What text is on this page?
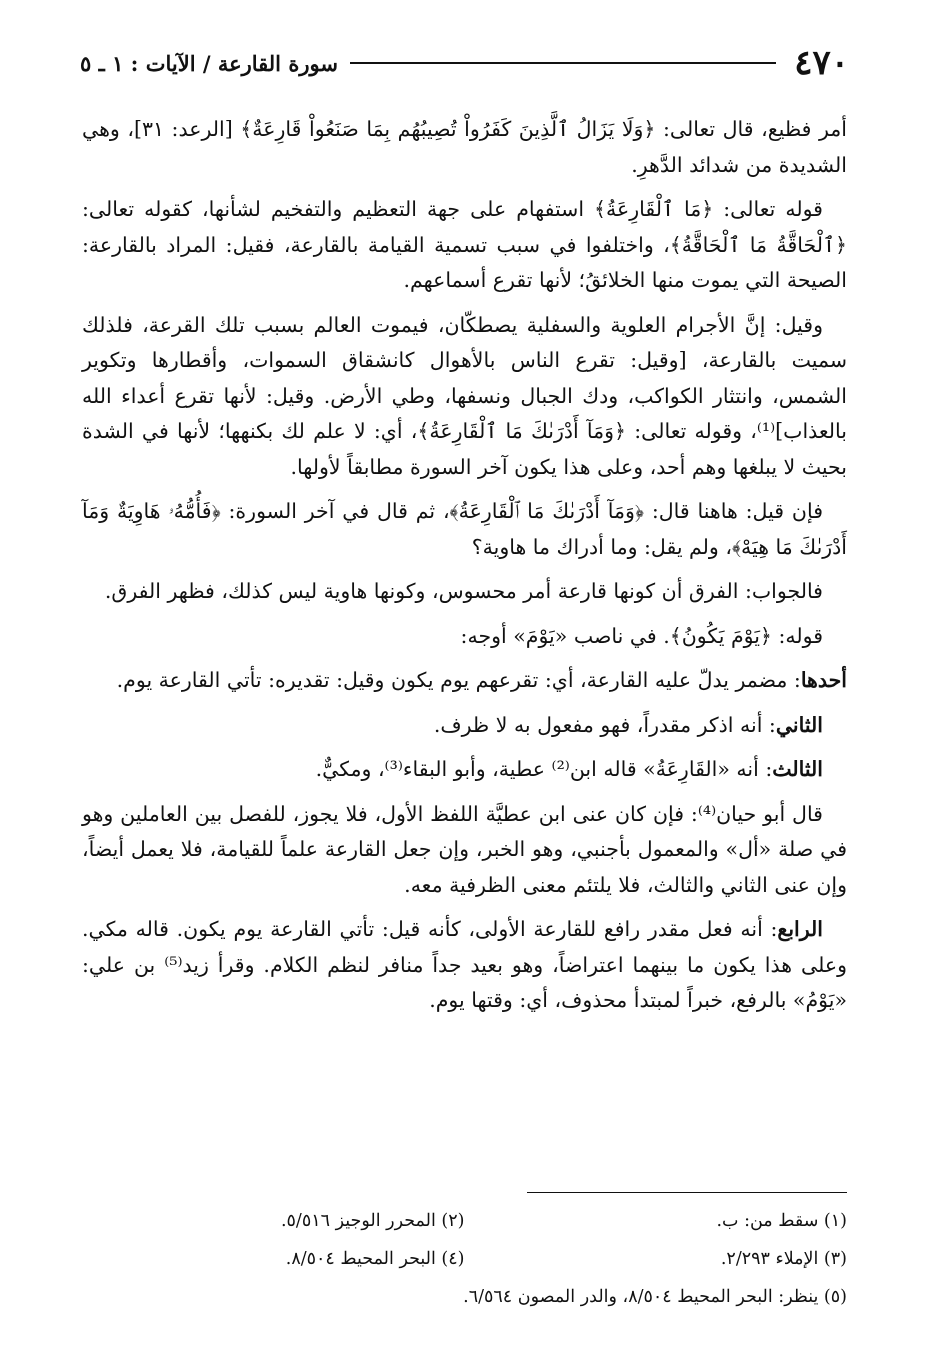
٤٧٠
سورة القارعة / الآيات : ١ ـ ٥

أمر فظيع، قال تعالى: ﴿وَلَا يَزَالُ ٱلَّذِينَ كَفَرُواْ تُصِيبُهُم بِمَا صَنَعُواْ قَارِعَةٌ﴾ [الرعد: ٣١]، وهي الشديدة من شدائد الدَّهرِ.

قوله تعالى: ﴿مَا ٱلْقَارِعَةُ﴾ استفهام على جهة التعظيم والتفخيم لشأنها، كقوله تعالى: ﴿ٱلْحَاقَّةُ مَا ٱلْحَاقَّةُ﴾، واختلفوا في سبب تسمية القيامة بالقارعة، فقيل: المراد بالقارعة: الصيحة التي يموت منها الخلائقُ؛ لأنها تقرع أسماعهم.

وقيل: إنَّ الأجرام العلوية والسفلية يصطكّان، فيموت العالم بسبب تلك القرعة، فلذلك سميت بالقارعة، [وقيل: تقرع الناس بالأهوال كانشقاق السموات، وأقطارها وتكوير الشمس، وانتثار الكواكب، ودك الجبال ونسفها، وطي الأرض. وقيل: لأنها تقرع أعداء الله بالعذاب]⁽¹⁾، وقوله تعالى: ﴿وَمَآ أَدْرَىٰكَ مَا ٱلْقَارِعَةُ﴾، أي: لا علم لك بكنهها؛ لأنها في الشدة بحيث لا يبلغها وهم أحد، وعلى هذا يكون آخر السورة مطابقاً لأولها.

فإن قيل: هاهنا قال: ﴿وَمَآ أَدْرَىٰكَ مَا ٱلْقَارِعَةُ﴾، ثم قال في آخر السورة: ﴿فَأُمُّهُۥ هَاوِيَةٌ وَمَآ أَدْرَىٰكَ مَا هِيَهْ﴾، ولم يقل: وما أدراك ما هاوية؟

فالجواب: الفرق أن كونها قارعة أمر محسوس، وكونها هاوية ليس كذلك، فظهر الفرق.

قوله: ﴿يَوْمَ يَكُونُ﴾. في ناصب «يَوْمَ» أوجه:

أحدها: مضمر يدلّ عليه القارعة، أي: تقرعهم يوم يكون وقيل: تقديره: تأتي القارعة يوم.

الثاني: أنه اذكر مقدراً، فهو مفعول به لا ظرف.

الثالث: أنه «القَارِعَةُ» قاله ابن⁽²⁾ عطية، وأبو البقاء⁽³⁾، ومكيٌّ.

قال أبو حيان⁽⁴⁾: فإن كان عنى ابن عطيَّة اللفظ الأول، فلا يجوز، للفصل بين العاملين وهو في صلة «أل» والمعمول بأجنبي، وهو الخبر، وإن جعل القارعة علماً للقيامة، فلا يعمل أيضاً، وإن عنى الثاني والثالث، فلا يلتئم معنى الظرفية معه.

الرابع: أنه فعل مقدر رافع للقارعة الأولى، كأنه قيل: تأتي القارعة يوم يكون. قاله مكي. وعلى هذا يكون ما بينهما اعتراضاً، وهو بعيد جداً منافر لنظم الكلام. وقرأ زيد⁽⁵⁾ بن علي: «يَوْمُ» بالرفع، خبراً لمبتدأ محذوف، أي: وقتها يوم.

(١) سقط من: ب.
(٢) المحرر الوجيز ٥/٥١٦.
(٣) الإملاء ٢/٢٩٣.
(٤) البحر المحيط ٨/٥٠٤.
(٥) ينظر: البحر المحيط ٨/٥٠٤، والدر المصون ٦/٥٦٤.
